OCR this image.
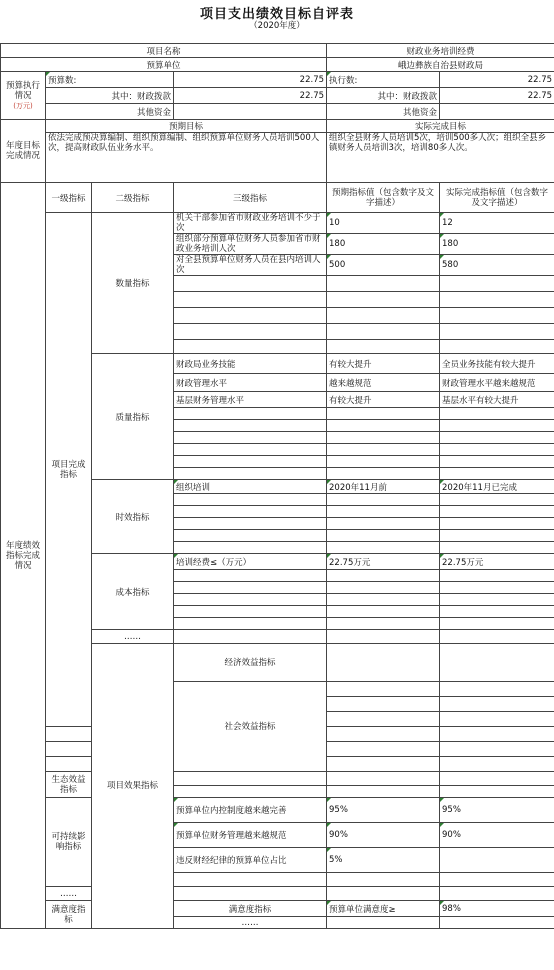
项目支出绩效目标自评表
（2020年度）
项目名称				财政业务培训经费		
预算单位				峨边彝族自治县财政局		
预算执行情况
(万元)	预算数:		22.75	执行数:	22.75	
	其中：财政拨款		22.75	其中：财政拨款	22.75	
	其他资金			其他资金		
年度目标完成情况	预期目标			实际完成目标		
	依法完成预决算编制、组织预算编制、组织预算单位财务人员培训500人次，提高财政队伍业务水平。			组织全县财务人员培训5次，培训500多人次；组织全县乡镇财务人员培训3次，培训80多人次。		
年度绩效指标完成情况	一级指标	二级指标	三级指标	预期指标值（包含数字及文字描述）	实际完成指标值（包含数字及文字描述）	
	项目完成指标	数量指标	机关干部参加省市财政业务培训不少于次	10	12	
			组织部分预算单位财务人员参加省市财政业务培训人次	180	180	
			对全县预算单位财务人员在县内培训人次	500	580	

		质量指标	财政局业务技能	有较大提升	全员业务技能有较大提升	
			财政管理水平	越来越规范	财政管理水平越来越规范	
			基层财务管理水平	有较大提升	基层水平有较大提升	

		时效指标	组织培训	2020年11月前	2020年11月已完成	

		成本指标	培训经费≤（万元）	22.75万元	22.75万元	

		……				
		项目效果指标	经济效益指标			
			社会效益指标			

	生态效益指标					

	可持续影响指标		预算单位内控制度越来越完善	95%	95%	
			预算单位财务管理越来越规范	90%	90%	
			违反财经纪律的预算单位占比	5%		

	……					
	满意度指标		满意度指标	预算单位满意度≥	98%	
			……			
